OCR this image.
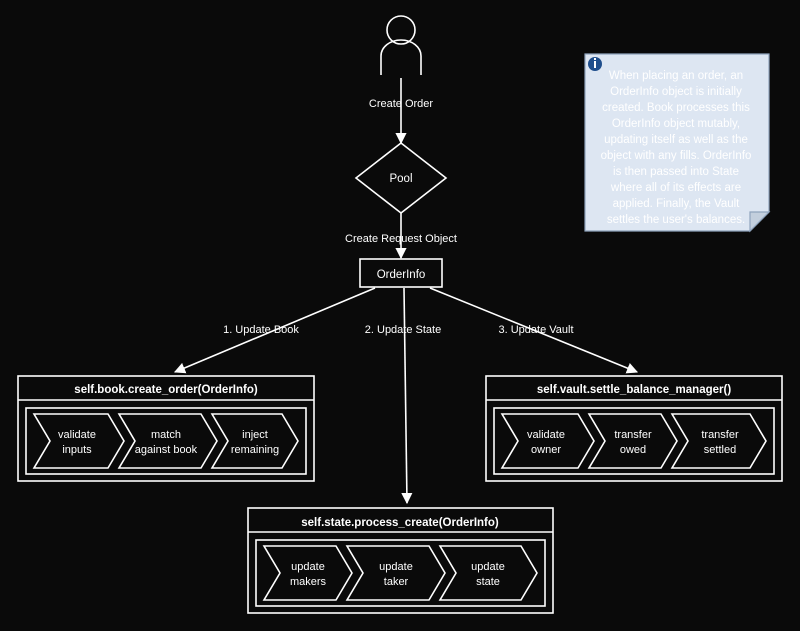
Create Order
Pool
Create Request Object
OrderInfo
1. Update Book	2. Update State	3. Update Vault
self.book.create_order(OrderInfo)
validate
inputs
match
against book
inject
remaining
self.vault.settle_balance_manager()
validate
owner
transfer
owed
transfer
settled
self.state.process_create(OrderInfo)
update
makers
update
taker
update
state
When placing an order, an
OrderInfo object is initially
created. Book processes this
OrderInfo object mutably,
updating itself as well as the
object with any fills. OrderInfo
is then passed into State
where all of its effects are
applied. Finally, the Vault
settles the user's balances.
